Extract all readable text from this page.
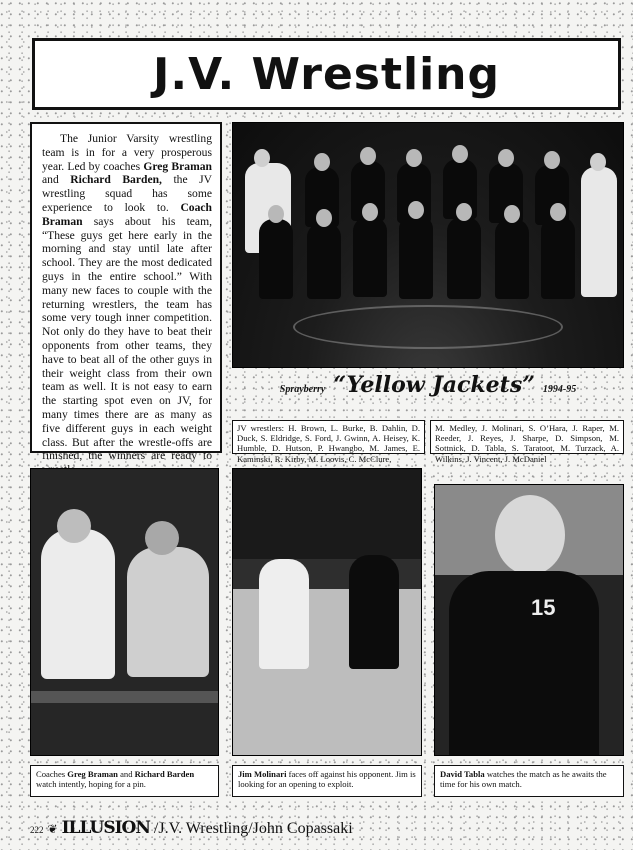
J.V. Wrestling
The Junior Varsity wrestling team is in for a very prosperous year. Led by coaches Greg Braman and Richard Barden, the JV wrestling squad has some experience to look to. Coach Braman says about his team, “These guys get here early in the morning and stay until late after school. They are the most dedicated guys in the entire school.” With many new faces to couple with the returning wrestlers, the team has some very tough inner competition. Not only do they have to beat their opponents from other teams, they have to beat all of the other guys in their weight class from their own team as well. It is not easy to earn the starting spot even on JV, for many times there are as many as five different guys in each weight class. But after the wrestle-offs are finished, the winners are ready to
Sprayberry “Yellow Jackets” 1994-95
JV wrestlers: H. Brown, L. Burke, B. Dahlin, D. Duck, S. Eldridge, S. Ford, J. Gwinn, A. Heisey, K. Humble, D. Hutson, P. Hwangbo, M. James, E. Kaminski, R. Kirby, M. Loovis, C. McClure,
M. Medley, J. Molinari, S. O’Hara, J. Raper, M. Reeder, J. Reyes, J. Sharpe, D. Simpson, M. Sottnick, D. Tabla, S. Taratoot, M. Turzack, A. Wilkins, J. Vincent, J. McDaniel
15
Coaches Greg Braman and Richard Barden watch intently, hoping for a pin.
Jim Molinari faces off against his opponent. Jim is looking for an opening to exploit.
David Tabla watches the match as he awaits the time for his own match.
222 ❦ ILLUSION /J.V. Wrestling/John Copassaki
